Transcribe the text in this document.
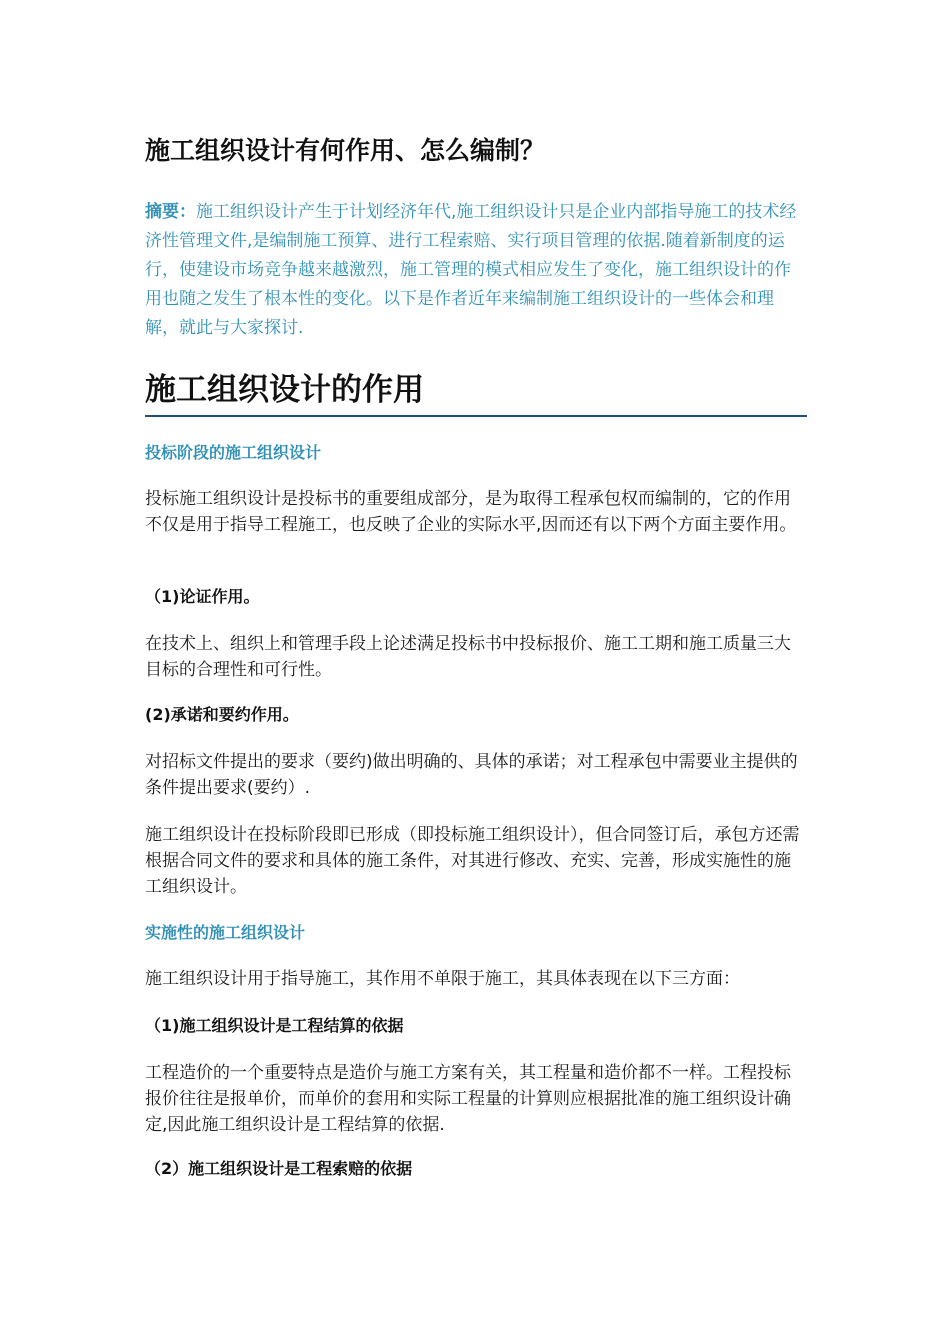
施工组织设计有何作用、怎么编制？
摘要：施工组织设计产生于计划经济年代,施工组织设计只是企业内部指导施工的技术经济性管理文件,是编制施工预算、进行工程索赔、实行项目管理的依据.随着新制度的运行，使建设市场竞争越来越激烈，施工管理的模式相应发生了变化，施工组织设计的作用也随之发生了根本性的变化。以下是作者近年来编制施工组织设计的一些体会和理解，就此与大家探讨.
施工组织设计的作用
投标阶段的施工组织设计
投标施工组织设计是投标书的重要组成部分，是为取得工程承包权而编制的，它的作用不仅是用于指导工程施工，也反映了企业的实际水平,因而还有以下两个方面主要作用。
（1)论证作用。
在技术上、组织上和管理手段上论述满足投标书中投标报价、施工工期和施工质量三大目标的合理性和可行性。
(2)承诺和要约作用。
对招标文件提出的要求（要约)做出明确的、具体的承诺；对工程承包中需要业主提供的条件提出要求(要约）.
施工组织设计在投标阶段即已形成（即投标施工组织设计），但合同签订后，承包方还需根据合同文件的要求和具体的施工条件，对其进行修改、充实、完善，形成实施性的施工组织设计。
实施性的施工组织设计
施工组织设计用于指导施工，其作用不单限于施工，其具体表现在以下三方面：
（1)施工组织设计是工程结算的依据
工程造价的一个重要特点是造价与施工方案有关，其工程量和造价都不一样。工程投标报价往往是报单价，而单价的套用和实际工程量的计算则应根据批准的施工组织设计确定,因此施工组织设计是工程结算的依据.
（2）施工组织设计是工程索赔的依据
